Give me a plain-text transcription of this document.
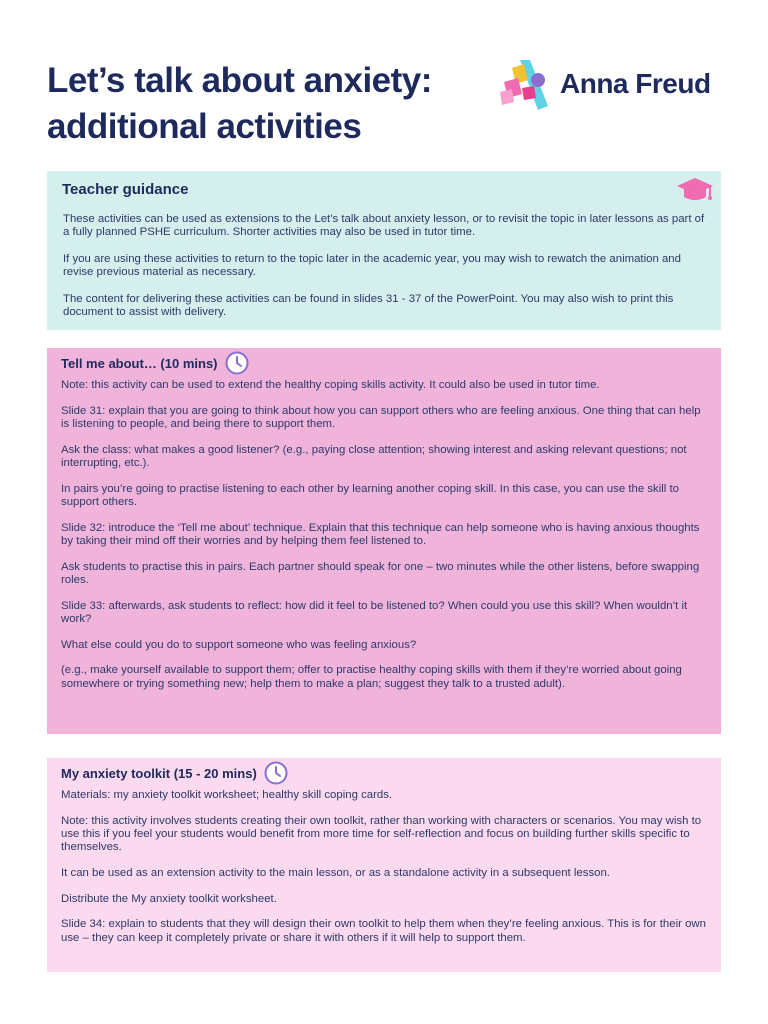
Let’s talk about anxiety:
additional activities
Anna Freud
Teacher guidance

These activities can be used as extensions to the Let’s talk about anxiety lesson, or to revisit the topic in later lessons as part of a fully planned PSHE curriculum. Shorter activities may also be used in tutor time.

If you are using these activities to return to the topic later in the academic year, you may wish to rewatch the animation and revise previous material as necessary.

The content for delivering these activities can be found in slides 31 - 37 of the PowerPoint. You may also wish to print this document to assist with delivery.

Tell me about… (10 mins)

Note: this activity can be used to extend the healthy coping skills activity. It could also be used in tutor time.

Slide 31: explain that you are going to think about how you can support others who are feeling anxious. One thing that can help is listening to people, and being there to support them.

Ask the class: what makes a good listener? (e.g., paying close attention; showing interest and asking relevant questions; not interrupting, etc.).

In pairs you’re going to practise listening to each other by learning another coping skill. In this case, you can use the skill to support others.

Slide 32: introduce the ‘Tell me about’ technique. Explain that this technique can help someone who is having anxious thoughts by taking their mind off their worries and by helping them feel listened to.

Ask students to practise this in pairs. Each partner should speak for one – two minutes while the other listens, before swapping roles.

Slide 33: afterwards, ask students to reflect: how did it feel to be listened to? When could you use this skill? When wouldn’t it work?

What else could you do to support someone who was feeling anxious?

(e.g., make yourself available to support them; offer to practise healthy coping skills with them if they’re worried about going somewhere or trying something new; help them to make a plan; suggest they talk to a trusted adult).

My anxiety toolkit (15 - 20 mins)

Materials: my anxiety toolkit worksheet; healthy skill coping cards.

Note: this activity involves students creating their own toolkit, rather than working with characters or scenarios. You may wish to use this if you feel your students would benefit from more time for self-reflection and focus on building further skills specific to themselves.

It can be used as an extension activity to the main lesson, or as a standalone activity in a subsequent lesson.

Distribute the My anxiety toolkit worksheet.

Slide 34: explain to students that they will design their own toolkit to help them when they’re feeling anxious. This is for their own use – they can keep it completely private or share it with others if it will help to support them.
